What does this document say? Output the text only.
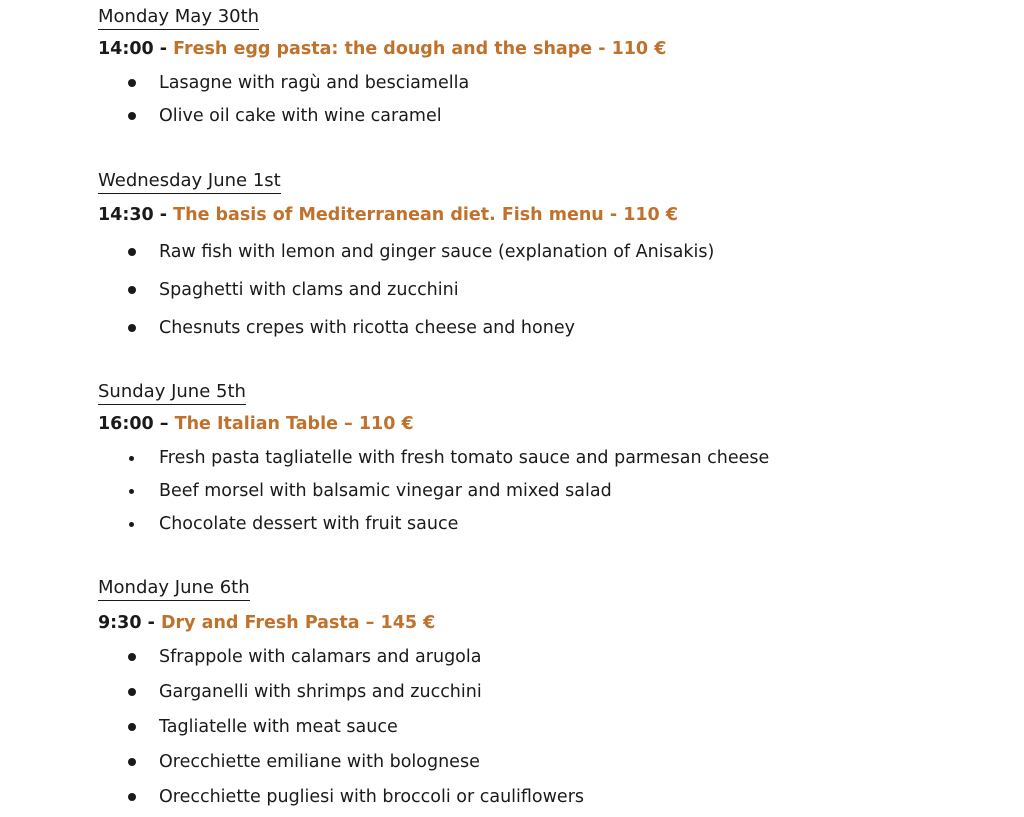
Monday May 30th
14:00 - Fresh egg pasta: the dough and the shape - 110 €
Lasagne with ragù and besciamella
Olive oil cake with wine caramel
Wednesday June 1st
14:30 - The basis of Mediterranean diet. Fish menu - 110 €
Raw fish with lemon and ginger sauce (explanation of Anisakis)
Spaghetti with clams and zucchini
Chesnuts crepes with ricotta cheese and honey
Sunday June 5th
16:00 – The Italian Table – 110 €
Fresh pasta tagliatelle with fresh tomato sauce and parmesan cheese
Beef morsel with balsamic vinegar and mixed salad
Chocolate dessert with fruit sauce
Monday June 6th
9:30 - Dry and Fresh Pasta – 145 €
Sfrappole with calamars and arugola
Garganelli with shrimps and zucchini
Tagliatelle with meat sauce
Orecchiette emiliane with bolognese
Orecchiette pugliesi with broccoli or cauliflowers
